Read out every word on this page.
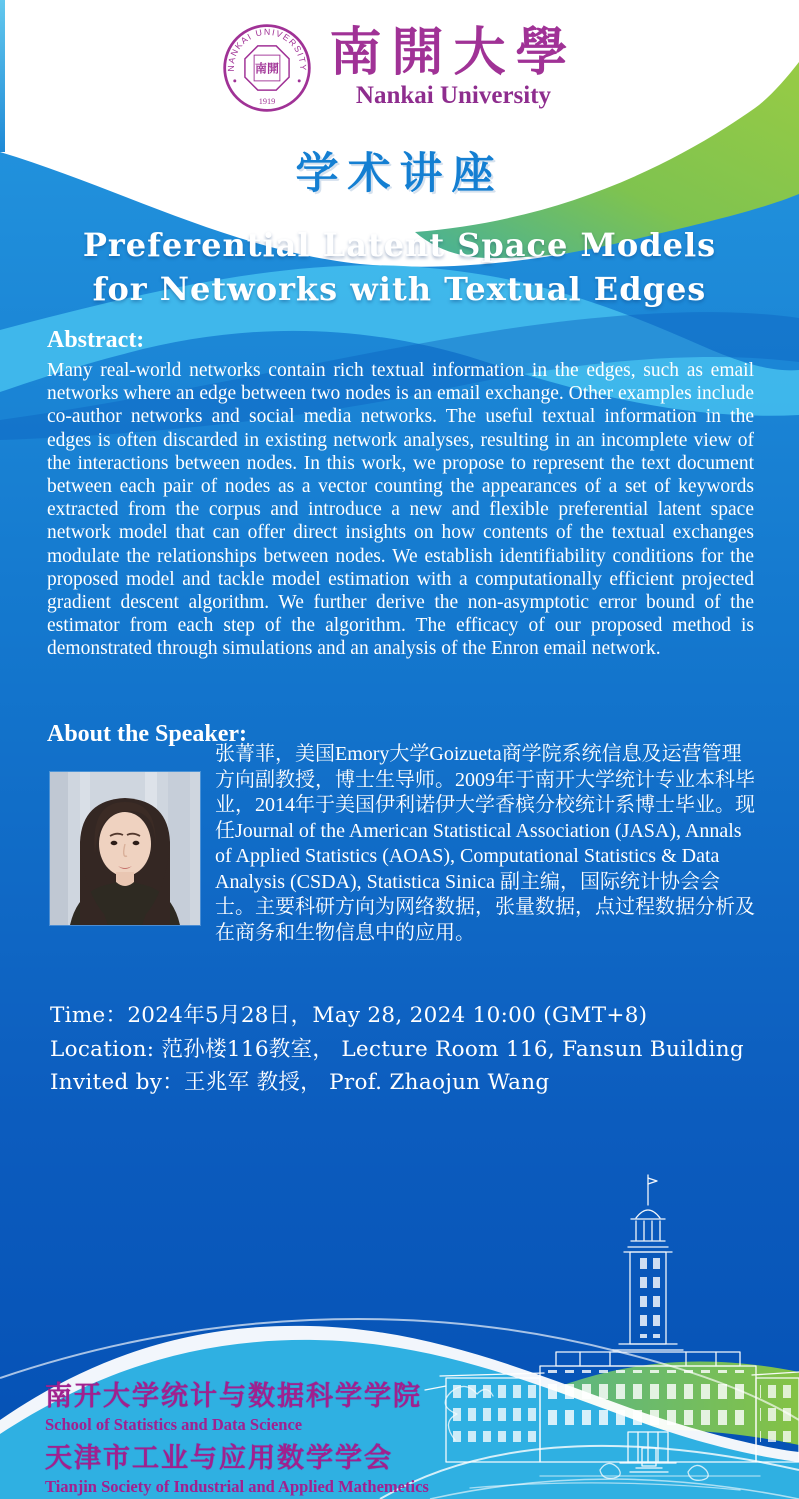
NANKAI UNIVERSITY
南開
1919
南開大學
Nankai University
学术讲座
Preferential Latent Space Models
for Networks with Textual Edges
Abstract:

Many real-world networks contain rich textual information in the edges, such as email networks where an edge between two nodes is an email exchange. Other examples include co-author networks and social media networks. The useful textual information in the edges is often discarded in existing network analyses, resulting in an incomplete view of the interactions between nodes. In this work, we propose to represent the text document between each pair of nodes as a vector counting the appearances of a set of keywords extracted from the corpus and introduce a new and flexible preferential latent space network model that can offer direct insights on how contents of the textual exchanges modulate the relationships between nodes. We establish identifiability conditions for the proposed model and tackle model estimation with a computationally efficient projected gradient descent algorithm. We further derive the non-asymptotic error bound of the estimator from each step of the algorithm. The efficacy of our proposed method is demonstrated through simulations and an analysis of the Enron email network.

About the Speaker:

张菁菲，美国Emory大学Goizueta商学院系统信息及运营管理方向副教授，博士生导师。2009年于南开大学统计专业本科毕业，2014年于美国伊利诺伊大学香槟分校统计系博士毕业。现任Journal of the American Statistical Association (JASA), Annals of Applied Statistics (AOAS), Computational Statistics & Data Analysis (CSDA), Statistica Sinica 副主编，国际统计协会会士。主要科研方向为网络数据，张量数据，点过程数据分析及在商务和生物信息中的应用。

Time：2024年5月28日，May 28, 2024 10:00 (GMT+8)

Location: 范孙楼116教室， Lecture Room 116, Fansun Building

Invited by：王兆军 教授， Prof. Zhaojun Wang

南开大学统计与数据科学学院
School of Statistics and Data Science
天津市工业与应用数学学会
Tianjin Society of Industrial and Applied Mathemetics
